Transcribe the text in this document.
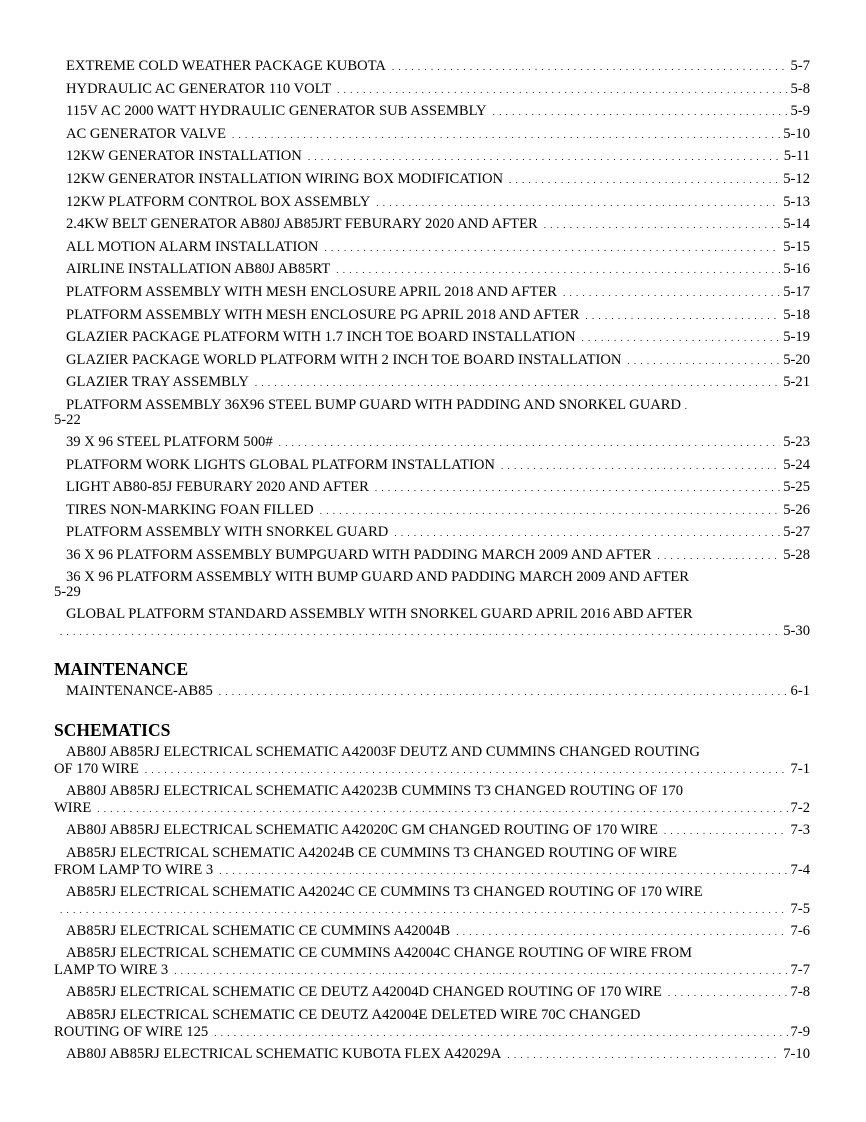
EXTREME COLD WEATHER PACKAGE KUBOTA . . .	5-7
HYDRAULIC AC GENERATOR 110 VOLT . . .	5-8
115V AC 2000 WATT HYDRAULIC GENERATOR SUB ASSEMBLY . . .	5-9
AC GENERATOR VALVE . . .	5-10
12KW GENERATOR INSTALLATION . . .	5-11
12KW GENERATOR INSTALLATION WIRING BOX MODIFICATION . . .	5-12
12KW PLATFORM CONTROL BOX ASSEMBLY . . .	5-13
2.4KW BELT GENERATOR AB80J AB85JRT FEBURARY 2020 AND AFTER . . .	5-14
ALL MOTION ALARM INSTALLATION . . .	5-15
AIRLINE INSTALLATION AB80J AB85RT . . .	5-16
PLATFORM ASSEMBLY WITH MESH ENCLOSURE APRIL 2018 AND AFTER . . .	5-17
PLATFORM ASSEMBLY WITH MESH ENCLOSURE PG APRIL 2018 AND AFTER . . .	5-18
GLAZIER PACKAGE PLATFORM WITH 1.7 INCH TOE BOARD INSTALLATION . . .	5-19
GLAZIER PACKAGE WORLD PLATFORM WITH 2 INCH TOE BOARD INSTALLATION . . .	5-20
GLAZIER TRAY ASSEMBLY . . .	5-21
PLATFORM ASSEMBLY 36X96 STEEL BUMP GUARD WITH PADDING AND SNORKEL GUARD .
5-22
39 X 96 STEEL PLATFORM 500# . . .	5-23
PLATFORM WORK LIGHTS GLOBAL PLATFORM INSTALLATION . . .	5-24
LIGHT AB80-85J FEBURARY 2020 AND AFTER . . .	5-25
TIRES NON-MARKING FOAN FILLED . . .	5-26
PLATFORM ASSEMBLY WITH SNORKEL GUARD . . .	5-27
36 X 96 PLATFORM ASSEMBLY BUMPGUARD WITH PADDING MARCH 2009 AND AFTER . . .	5-28
36 X 96 PLATFORM ASSEMBLY WITH BUMP GUARD AND PADDING MARCH 2009 AND AFTER
5-29
GLOBAL PLATFORM STANDARD ASSEMBLY WITH SNORKEL GUARD APRIL 2016 ABD AFTER
. . .
5-30
MAINTENANCE
MAINTENANCE-AB85 . . .	6-1
SCHEMATICS
AB80J AB85RJ ELECTRICAL SCHEMATIC A42003F DEUTZ AND CUMMINS CHANGED ROUTING
OF 170 WIRE . . .	7-1
AB80J AB85RJ ELECTRICAL SCHEMATIC A42023B CUMMINS T3 CHANGED ROUTING OF 170
WIRE . . .	7-2
AB80J AB85RJ ELECTRICAL SCHEMATIC A42020C GM CHANGED ROUTING OF 170 WIRE . . .	7-3
AB85RJ ELECTRICAL SCHEMATIC A42024B CE CUMMINS T3 CHANGED ROUTING OF WIRE
FROM LAMP TO WIRE 3 . . .	7-4
AB85RJ ELECTRICAL SCHEMATIC A42024C CE CUMMINS T3 CHANGED ROUTING OF 170 WIRE
. . .
7-5
AB85RJ ELECTRICAL SCHEMATIC CE CUMMINS A42004B . . .	7-6
AB85RJ ELECTRICAL SCHEMATIC CE CUMMINS A42004C CHANGE ROUTING OF WIRE FROM
LAMP TO WIRE 3 . . .	7-7
AB85RJ ELECTRICAL SCHEMATIC CE DEUTZ A42004D CHANGED ROUTING OF 170 WIRE . . .	7-8
AB85RJ ELECTRICAL SCHEMATIC CE DEUTZ A42004E DELETED WIRE 70C CHANGED
ROUTING OF WIRE 125 . . .	7-9
AB80J AB85RJ ELECTRICAL SCHEMATIC KUBOTA FLEX A42029A . . .	7-10
